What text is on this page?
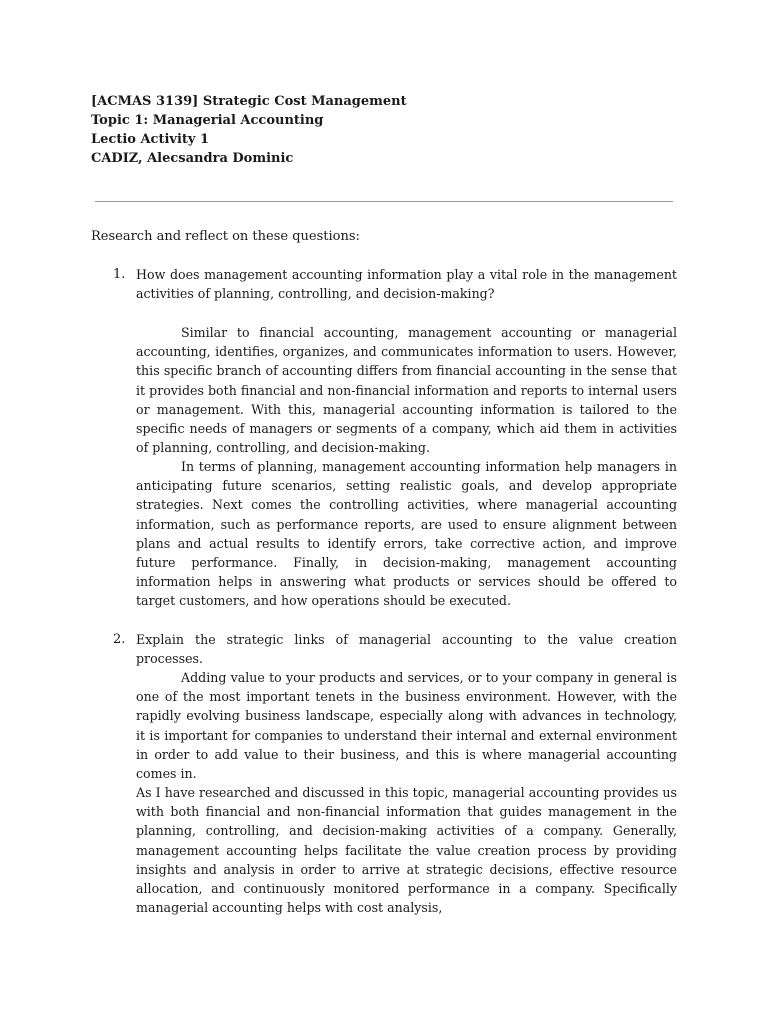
[ACMAS 3139] Strategic Cost Management
Topic 1: Managerial Accounting
Lectio Activity 1
CADIZ, Alecsandra Dominic
Research and reflect on these questions:
1. How does management accounting information play a vital role in the management activities of planning, controlling, and decision-making?

Similar to financial accounting, management accounting or managerial accounting, identifies, organizes, and communicates information to users. However, this specific branch of accounting differs from financial accounting in the sense that it provides both financial and non-financial information and reports to internal users or management. With this, managerial accounting information is tailored to the specific needs of managers or segments of a company, which aid them in activities of planning, controlling, and decision-making.

In terms of planning, management accounting information help managers in anticipating future scenarios, setting realistic goals, and develop appropriate strategies. Next comes the controlling activities, where managerial accounting information, such as performance reports, are used to ensure alignment between plans and actual results to identify errors, take corrective action, and improve future performance. Finally, in decision-making, management accounting information helps in answering what products or services should be offered to target customers, and how operations should be executed.

2. Explain the strategic links of managerial accounting to the value creation processes.

Adding value to your products and services, or to your company in general is one of the most important tenets in the business environment. However, with the rapidly evolving business landscape, especially along with advances in technology, it is important for companies to understand their internal and external environment in order to add value to their business, and this is where managerial accounting comes in.

As I have researched and discussed in this topic, managerial accounting provides us with both financial and non-financial information that guides management in the planning, controlling, and decision-making activities of a company. Generally, management accounting helps facilitate the value creation process by providing insights and analysis in order to arrive at strategic decisions, effective resource allocation, and continuously monitored performance in a company. Specifically managerial accounting helps with cost analysis,
